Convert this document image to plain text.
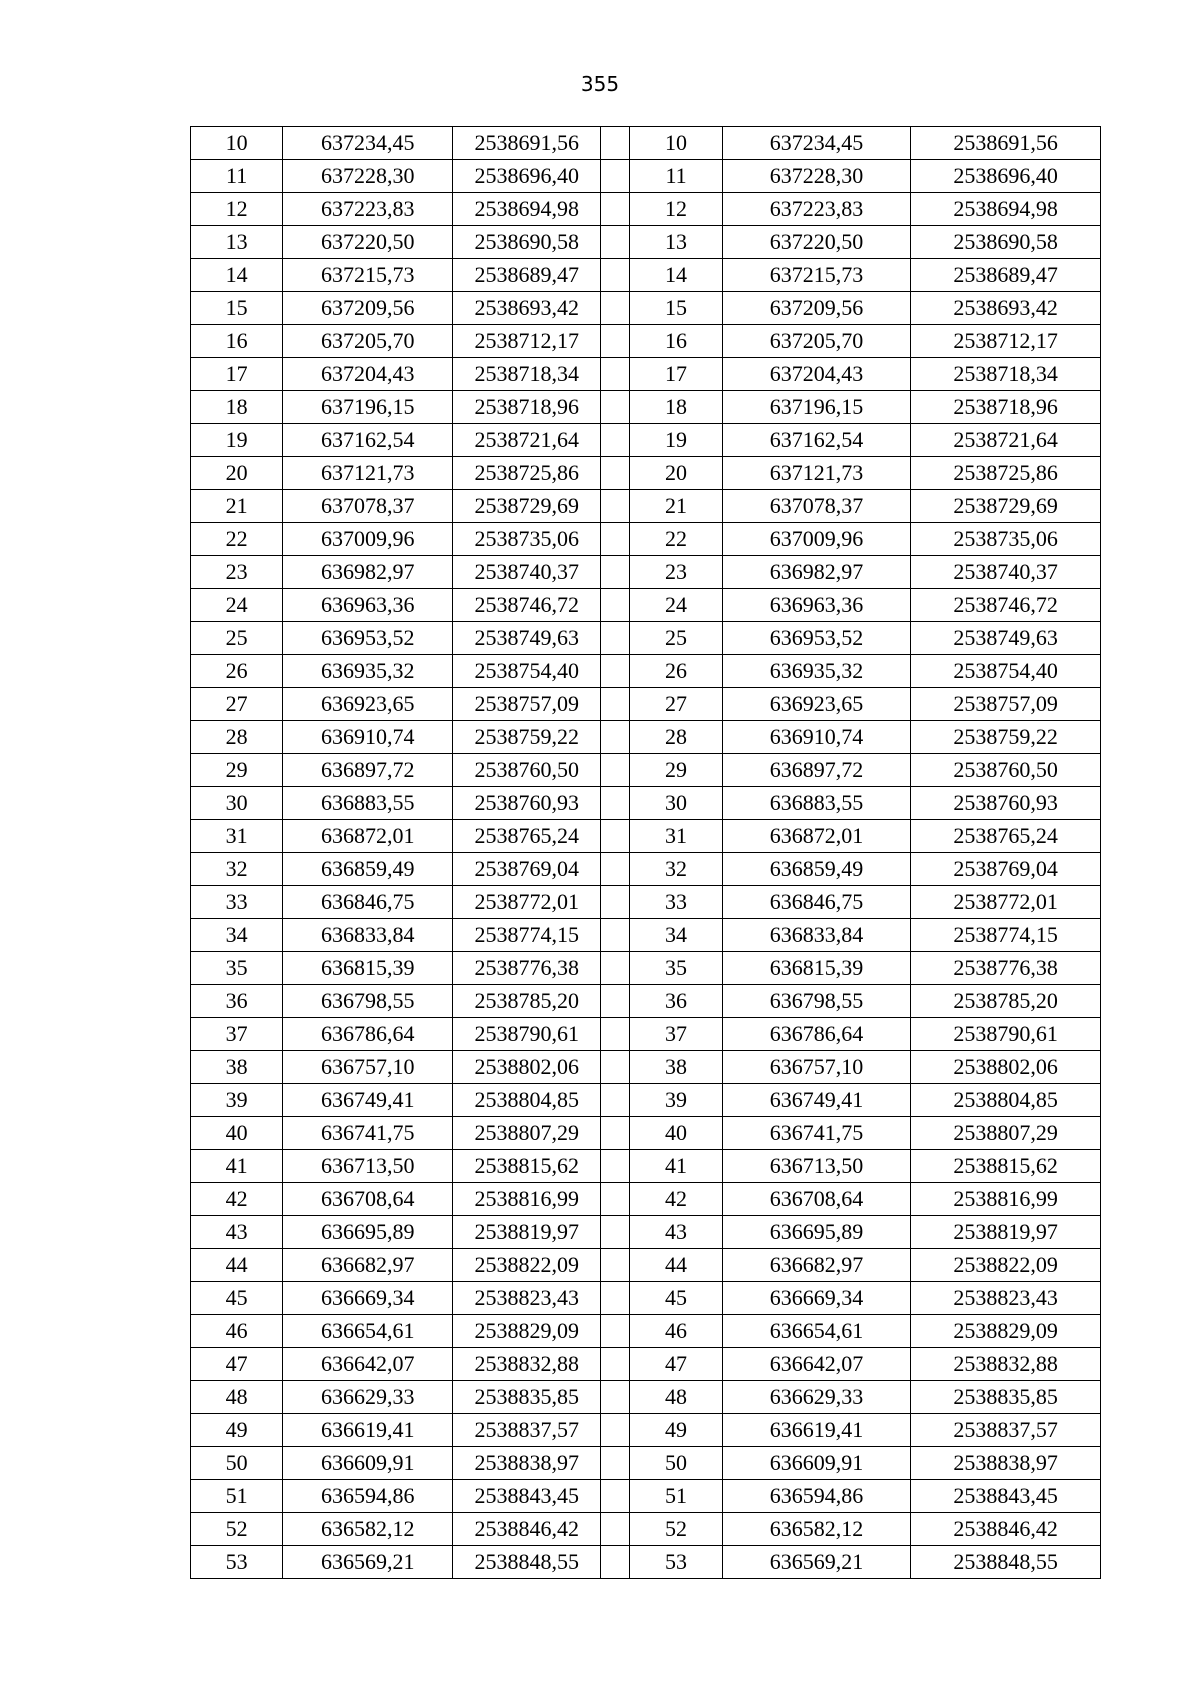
355
10	637234,45	2538691,56		10	637234,45	2538691,56
11	637228,30	2538696,40		11	637228,30	2538696,40
12	637223,83	2538694,98		12	637223,83	2538694,98
13	637220,50	2538690,58		13	637220,50	2538690,58
14	637215,73	2538689,47		14	637215,73	2538689,47
15	637209,56	2538693,42		15	637209,56	2538693,42
16	637205,70	2538712,17		16	637205,70	2538712,17
17	637204,43	2538718,34		17	637204,43	2538718,34
18	637196,15	2538718,96		18	637196,15	2538718,96
19	637162,54	2538721,64		19	637162,54	2538721,64
20	637121,73	2538725,86		20	637121,73	2538725,86
21	637078,37	2538729,69		21	637078,37	2538729,69
22	637009,96	2538735,06		22	637009,96	2538735,06
23	636982,97	2538740,37		23	636982,97	2538740,37
24	636963,36	2538746,72		24	636963,36	2538746,72
25	636953,52	2538749,63		25	636953,52	2538749,63
26	636935,32	2538754,40		26	636935,32	2538754,40
27	636923,65	2538757,09		27	636923,65	2538757,09
28	636910,74	2538759,22		28	636910,74	2538759,22
29	636897,72	2538760,50		29	636897,72	2538760,50
30	636883,55	2538760,93		30	636883,55	2538760,93
31	636872,01	2538765,24		31	636872,01	2538765,24
32	636859,49	2538769,04		32	636859,49	2538769,04
33	636846,75	2538772,01		33	636846,75	2538772,01
34	636833,84	2538774,15		34	636833,84	2538774,15
35	636815,39	2538776,38		35	636815,39	2538776,38
36	636798,55	2538785,20		36	636798,55	2538785,20
37	636786,64	2538790,61		37	636786,64	2538790,61
38	636757,10	2538802,06		38	636757,10	2538802,06
39	636749,41	2538804,85		39	636749,41	2538804,85
40	636741,75	2538807,29		40	636741,75	2538807,29
41	636713,50	2538815,62		41	636713,50	2538815,62
42	636708,64	2538816,99		42	636708,64	2538816,99
43	636695,89	2538819,97		43	636695,89	2538819,97
44	636682,97	2538822,09		44	636682,97	2538822,09
45	636669,34	2538823,43		45	636669,34	2538823,43
46	636654,61	2538829,09		46	636654,61	2538829,09
47	636642,07	2538832,88		47	636642,07	2538832,88
48	636629,33	2538835,85		48	636629,33	2538835,85
49	636619,41	2538837,57		49	636619,41	2538837,57
50	636609,91	2538838,97		50	636609,91	2538838,97
51	636594,86	2538843,45		51	636594,86	2538843,45
52	636582,12	2538846,42		52	636582,12	2538846,42
53	636569,21	2538848,55		53	636569,21	2538848,55
